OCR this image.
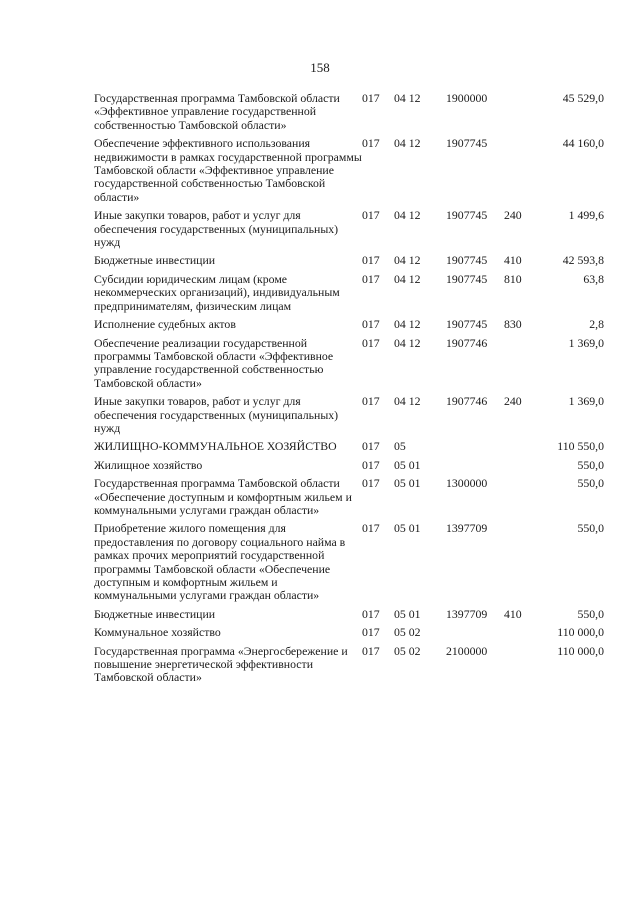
158
Государственная программа Тамбовской области «Эффективное управление государственной собственностью Тамбовской области»	017	04 12	1900000		45 529,0
Обеспечение эффективного использования недвижимости в рамках государственной программы Тамбовской области «Эффективное управление государственной собственностью Тамбовской области»	017	04 12	1907745		44 160,0
Иные закупки товаров, работ и услуг для обеспечения государственных (муниципальных) нужд	017	04 12	1907745	240	1 499,6
Бюджетные инвестиции	017	04 12	1907745	410	42 593,8
Субсидии юридическим лицам (кроме некоммерческих организаций), индивидуальным предпринимателям, физическим лицам	017	04 12	1907745	810	63,8
Исполнение судебных актов	017	04 12	1907745	830	2,8
Обеспечение реализации государственной программы Тамбовской области «Эффективное управление государственной собственностью Тамбовской области»	017	04 12	1907746		1 369,0
Иные закупки товаров, работ и услуг для обеспечения государственных (муниципальных) нужд	017	04 12	1907746	240	1 369,0
ЖИЛИЩНО-КОММУНАЛЬНОЕ ХОЗЯЙСТВО	017	05			110 550,0
Жилищное хозяйство	017	05 01			550,0
Государственная программа Тамбовской области «Обеспечение доступным и комфортным жильем и коммунальными услугами граждан области»	017	05 01	1300000		550,0
Приобретение жилого помещения для предоставления по договору социального найма в рамках прочих мероприятий государственной программы Тамбовской области «Обеспечение доступным и комфортным жильем и коммунальными услугами граждан области»	017	05 01	1397709		550,0
Бюджетные инвестиции	017	05 01	1397709	410	550,0
Коммунальное хозяйство	017	05 02			110 000,0
Государственная программа «Энергосбережение и повышение энергетической эффективности Тамбовской области»	017	05 02	2100000		110 000,0
